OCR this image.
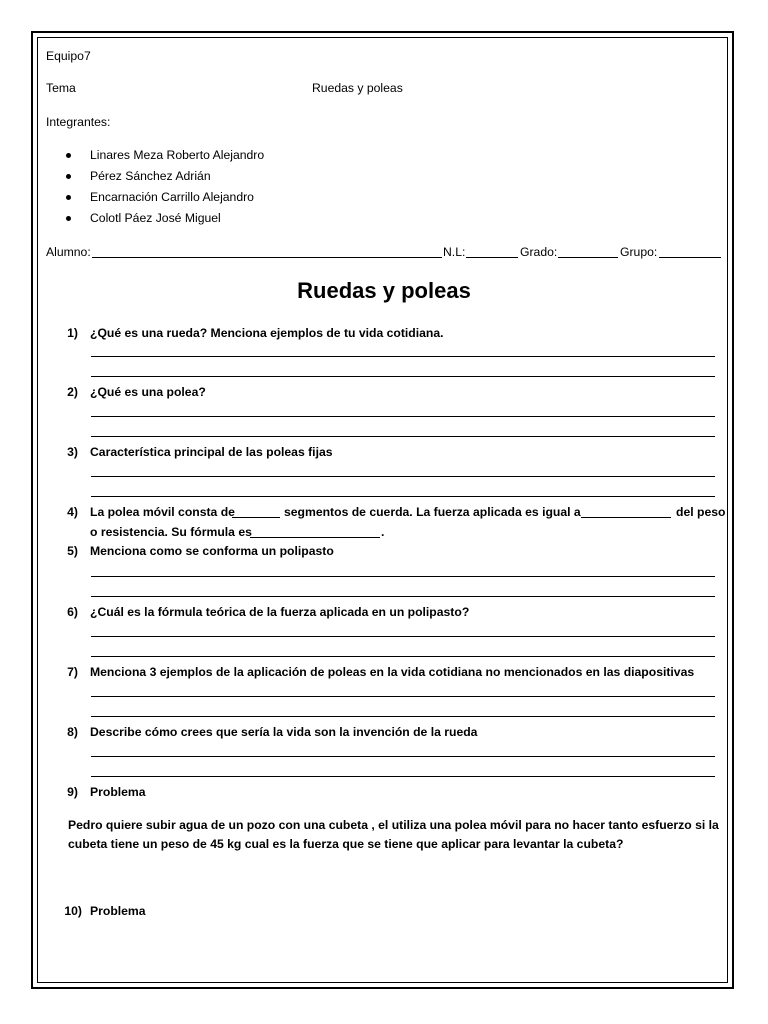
Equipo7
Tema	Ruedas y poleas
Integrantes:
Linares Meza Roberto Alejandro
Pérez Sánchez Adrián
Encarnación Carrillo Alejandro
Colotl Páez José Miguel
Alumno:	N.L:	Grado:	Grupo:
Ruedas y poleas
1) ¿Qué es una rueda? Menciona ejemplos de tu vida cotidiana.
2) ¿Qué es una polea?
3) Característica principal de las poleas fijas
4) La polea móvil consta de	segmentos de cuerda. La fuerza aplicada es igual a	del peso
o resistencia. Su fórmula es	.
5) Menciona como se conforma un polipasto
6) ¿Cuál es la fórmula teórica de la fuerza aplicada en un polipasto?
7) Menciona 3 ejemplos de la aplicación de poleas en la vida cotidiana no mencionados en las diapositivas
8) Describe cómo crees que sería la vida son la invención de la rueda
9) Problema
Pedro quiere subir agua de un pozo con una cubeta , el utiliza una polea móvil para no hacer tanto esfuerzo si la
cubeta tiene un peso de 45 kg cual es la fuerza que se tiene que aplicar para levantar la cubeta?
10) Problema
